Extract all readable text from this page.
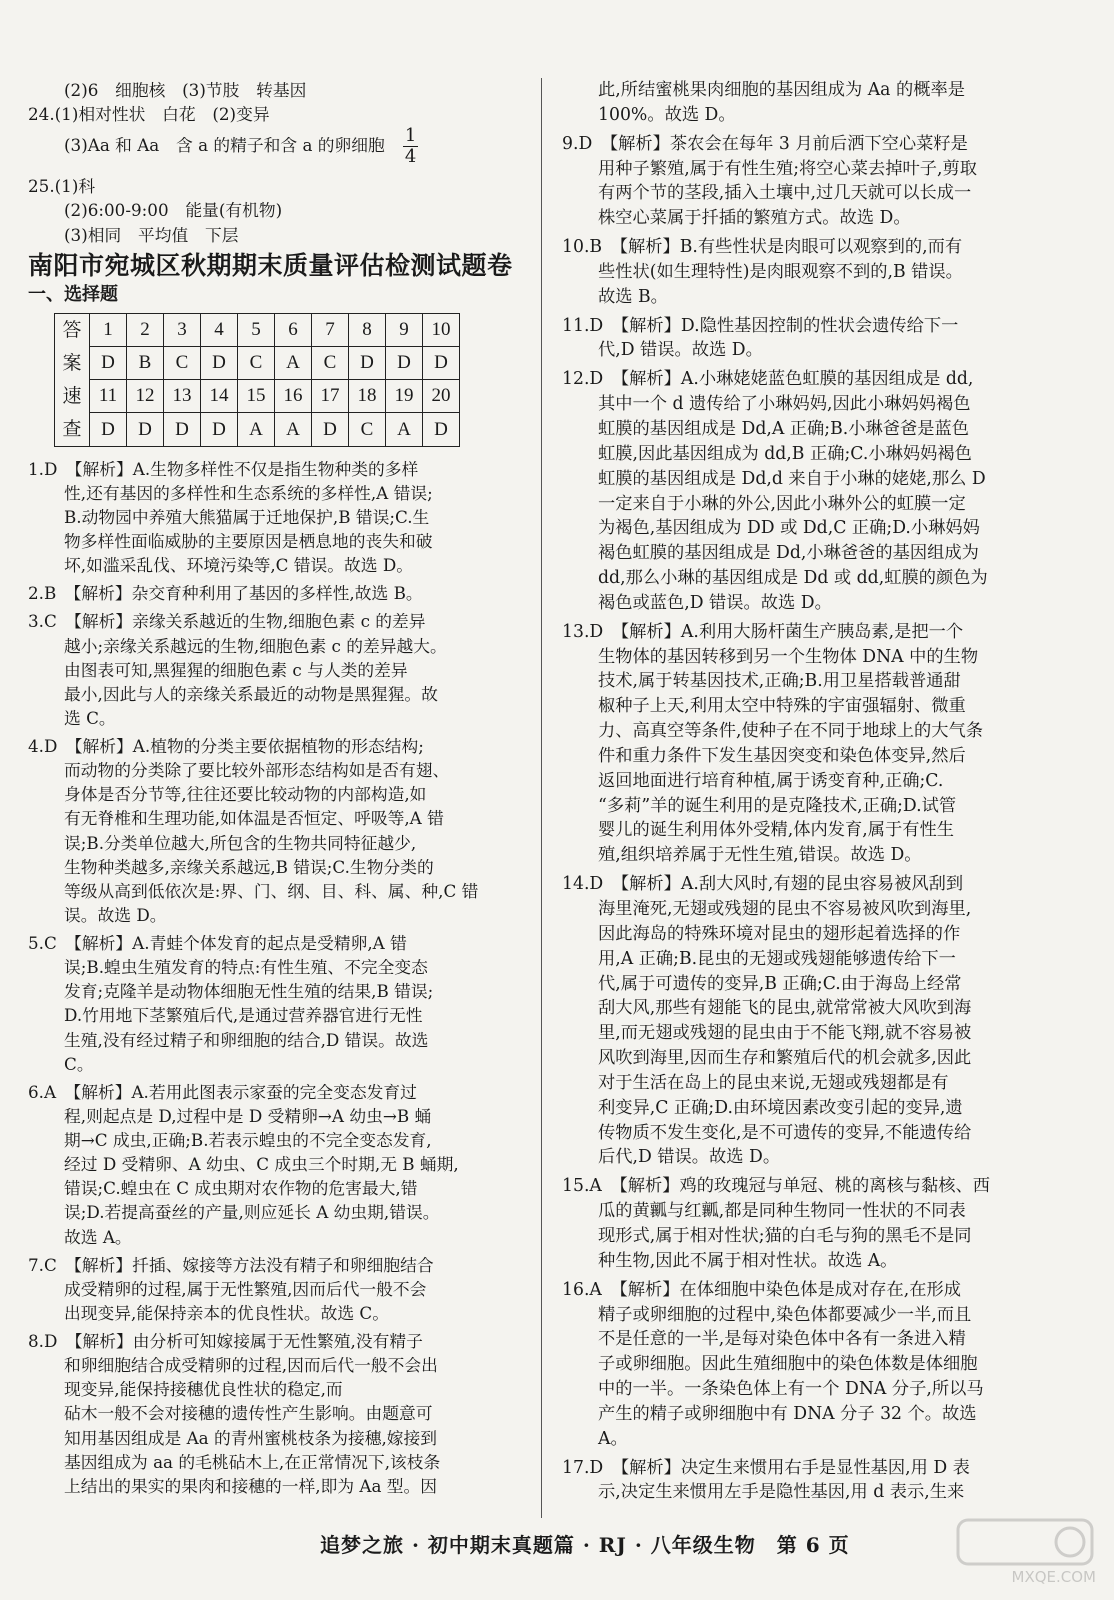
(2)6　细胞核　(3)节肢　转基因
24.(1)相对性状　白花　(2)变异
(3)Aa 和 Aa　含 a 的精子和含 a 的卵细胞 $\frac{1}{4}$
25.(1)科
(2)6:00-9:00　能量(有机物)
(3)相同　平均值　下层
南阳市宛城区秋期期末质量评估检测试题卷
一、选择题
答
案
速
查	1	2	3	4	5	6	7	8	9	10
	D	B	C	D	C	A	C	D	D	D
	11	12	13	14	15	16	17	18	19	20
	D	D	D	D	A	A	D	C	A	D
1.D　【解析】A.生物多样性不仅是指生物种类的多样
性,还有基因的多样性和生态系统的多样性,A 错误;
B.动物园中养殖大熊猫属于迁地保护,B 错误;C.生
物多样性面临威胁的主要原因是栖息地的丧失和破
坏,如滥采乱伐、环境污染等,C 错误。故选 D。
2.B　【解析】杂交育种利用了基因的多样性,故选 B。
3.C　【解析】亲缘关系越近的生物,细胞色素 c 的差异
越小;亲缘关系越远的生物,细胞色素 c 的差异越大。
由图表可知,黑猩猩的细胞色素 c 与人类的差异
最小,因此与人的亲缘关系最近的动物是黑猩猩。故
选 C。
4.D　【解析】A.植物的分类主要依据植物的形态结构;
而动物的分类除了要比较外部形态结构如是否有翅、
身体是否分节等,往往还要比较动物的内部构造,如
有无脊椎和生理功能,如体温是否恒定、呼吸等,A 错
误;B.分类单位越大,所包含的生物共同特征越少,
生物种类越多,亲缘关系越远,B 错误;C.生物分类的
等级从高到低依次是:界、门、纲、目、科、属、种,C 错
误。故选 D。
5.C　【解析】A.青蛙个体发育的起点是受精卵,A 错
误;B.蝗虫生殖发育的特点:有性生殖、不完全变态
发育;克隆羊是动物体细胞无性生殖的结果,B 错误;
D.竹用地下茎繁殖后代,是通过营养器官进行无性
生殖,没有经过精子和卵细胞的结合,D 错误。故选
C。
6.A　【解析】A.若用此图表示家蚕的完全变态发育过
程,则起点是 D,过程中是 D 受精卵→A 幼虫→B 蛹
期→C 成虫,正确;B.若表示蝗虫的不完全变态发育,
经过 D 受精卵、A 幼虫、C 成虫三个时期,无 B 蛹期,
错误;C.蝗虫在 C 成虫期对农作物的危害最大,错
误;D.若提高蚕丝的产量,则应延长 A 幼虫期,错误。
故选 A。
7.C　【解析】扦插、嫁接等方法没有精子和卵细胞结合
成受精卵的过程,属于无性繁殖,因而后代一般不会
出现变异,能保持亲本的优良性状。故选 C。
8.D　【解析】由分析可知嫁接属于无性繁殖,没有精子
和卵细胞结合成受精卵的过程,因而后代一般不会出
现变异,能保持接穗优良性状的稳定,而
砧木一般不会对接穗的遗传性产生影响。由题意可
知用基因组成是 Aa 的青州蜜桃枝条为接穗,嫁接到
基因组成为 aa 的毛桃砧木上,在正常情况下,该枝条
上结出的果实的果肉和接穗的一样,即为 Aa 型。因
此,所结蜜桃果肉细胞的基因组成为 Aa 的概率是
100%。故选 D。
9.D　【解析】茶农会在每年 3 月前后洒下空心菜籽是
用种子繁殖,属于有性生殖;将空心菜去掉叶子,剪取
有两个节的茎段,插入土壤中,过几天就可以长成一
株空心菜属于扦插的繁殖方式。故选 D。
10.B　【解析】B.有些性状是肉眼可以观察到的,而有
些性状(如生理特性)是肉眼观察不到的,B 错误。
故选 B。
11.D　【解析】D.隐性基因控制的性状会遗传给下一
代,D 错误。故选 D。
12.D　【解析】A.小琳姥姥蓝色虹膜的基因组成是 dd,
其中一个 d 遗传给了小琳妈妈,因此小琳妈妈褐色
虹膜的基因组成是 Dd,A 正确;B.小琳爸爸是蓝色
虹膜,因此基因组成为 dd,B 正确;C.小琳妈妈褐色
虹膜的基因组成是 Dd,d 来自于小琳的姥姥,那么 D
一定来自于小琳的外公,因此小琳外公的虹膜一定
为褐色,基因组成为 DD 或 Dd,C 正确;D.小琳妈妈
褐色虹膜的基因组成是 Dd,小琳爸爸的基因组成为
dd,那么小琳的基因组成是 Dd 或 dd,虹膜的颜色为
褐色或蓝色,D 错误。故选 D。
13.D　【解析】A.利用大肠杆菌生产胰岛素,是把一个
生物体的基因转移到另一个生物体 DNA 中的生物
技术,属于转基因技术,正确;B.用卫星搭载普通甜
椒种子上天,利用太空中特殊的宇宙强辐射、微重
力、高真空等条件,使种子在不同于地球上的大气条
件和重力条件下发生基因突变和染色体变异,然后
返回地面进行培育种植,属于诱变育种,正确;C.
“多莉”羊的诞生利用的是克隆技术,正确;D.试管
婴儿的诞生利用体外受精,体内发育,属于有性生
殖,组织培养属于无性生殖,错误。故选 D。
14.D　【解析】A.刮大风时,有翅的昆虫容易被风刮到
海里淹死,无翅或残翅的昆虫不容易被风吹到海里,
因此海岛的特殊环境对昆虫的翅形起着选择的作
用,A 正确;B.昆虫的无翅或残翅能够遗传给下一
代,属于可遗传的变异,B 正确;C.由于海岛上经常
刮大风,那些有翅能飞的昆虫,就常常被大风吹到海
里,而无翅或残翅的昆虫由于不能飞翔,就不容易被
风吹到海里,因而生存和繁殖后代的机会就多,因此
对于生活在岛上的昆虫来说,无翅或残翅都是有
利变异,C 正确;D.由环境因素改变引起的变异,遗
传物质不发生变化,是不可遗传的变异,不能遗传给
后代,D 错误。故选 D。
15.A　【解析】鸡的玫瑰冠与单冠、桃的离核与黏核、西
瓜的黄瓤与红瓤,都是同种生物同一性状的不同表
现形式,属于相对性状;猫的白毛与狗的黑毛不是同
种生物,因此不属于相对性状。故选 A。
16.A　【解析】在体细胞中染色体是成对存在,在形成
精子或卵细胞的过程中,染色体都要减少一半,而且
不是任意的一半,是每对染色体中各有一条进入精
子或卵细胞。因此生殖细胞中的染色体数是体细胞
中的一半。一条染色体上有一个 DNA 分子,所以马
产生的精子或卵细胞中有 DNA 分子 32 个。故选
A。
17.D　【解析】决定生来惯用右手是显性基因,用 D 表
示,决定生来惯用左手是隐性基因,用 d 表示,生来
追梦之旅 · 初中期末真题篇 · RJ · 八年级生物　第 6 页
MXQE.COM
